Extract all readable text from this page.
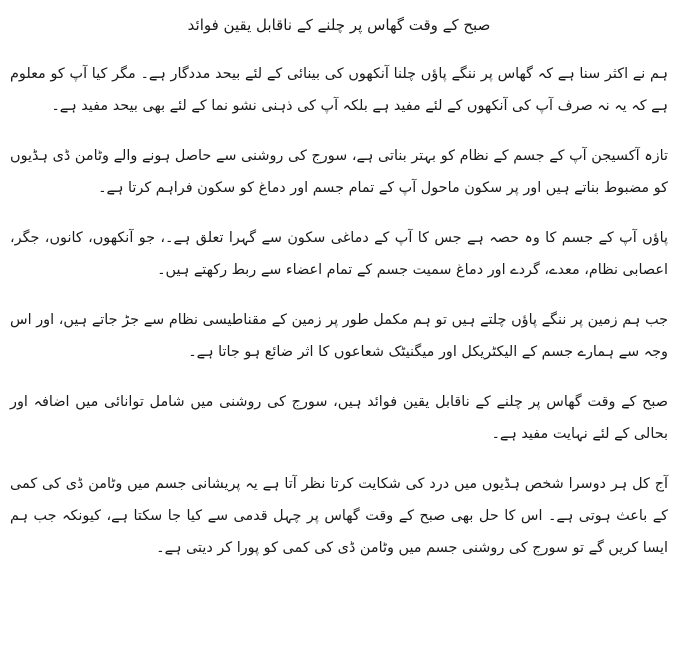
صبح کے وقت گھاس پر چلنے کے ناقابل یقین فوائد

ہم نے اکثر سنا ہے کہ گھاس پر ننگے پاؤں چلنا آنکھوں کی بینائی کے لئے بیحد مددگار ہے۔ مگر کیا آپ کو معلوم ہے کہ یہ نہ صرف آپ کی آنکھوں کے لئے مفید ہے بلکہ آپ کی ذہنی نشو نما کے لئے بھی بیحد مفید ہے۔

تازہ آکسیجن آپ کے جسم کے نظام کو بہتر بناتی ہے، سورج کی روشنی سے حاصل ہونے والے وٹامن ڈی ہڈیوں کو مضبوط بناتے ہیں اور پر سکون ماحول آپ کے تمام جسم اور دماغ کو سکون فراہم کرتا ہے۔

پاؤں آپ کے جسم کا وہ حصہ ہے جس کا آپ کے دماغی سکون سے گہرا تعلق ہے۔، جو آنکھوں، کانوں، جگر، اعصابی نظام، معدے، گردے اور دماغ سمیت جسم کے تمام اعضاء سے ربط رکھتے ہیں۔

جب ہم زمین پر ننگے پاؤں چلتے ہیں تو ہم مکمل طور پر زمین کے مقناطیسی نظام سے جڑ جاتے ہیں، اور اس وجہ سے ہمارے جسم کے الیکٹریکل اور میگنیٹک شعاعوں کا اثر ضائع ہو جاتا ہے۔

صبح کے وقت گھاس پر چلنے کے ناقابل یقین فوائد ہیں، سورج کی روشنی میں شامل توانائی میں اضافہ اور بحالی کے لئے نہایت مفید ہے۔

آج کل ہر دوسرا شخص ہڈیوں میں درد کی شکایت کرتا نظر آتا ہے یہ پریشانی جسم میں وٹامن ڈی کی کمی کے باعث ہوتی ہے۔ اس کا حل بھی صبح کے وقت گھاس پر چہل قدمی سے کیا جا سکتا ہے، کیونکہ جب ہم ایسا کریں گے تو سورج کی روشنی جسم میں وٹامن ڈی کی کمی کو پورا کر دیتی ہے۔
